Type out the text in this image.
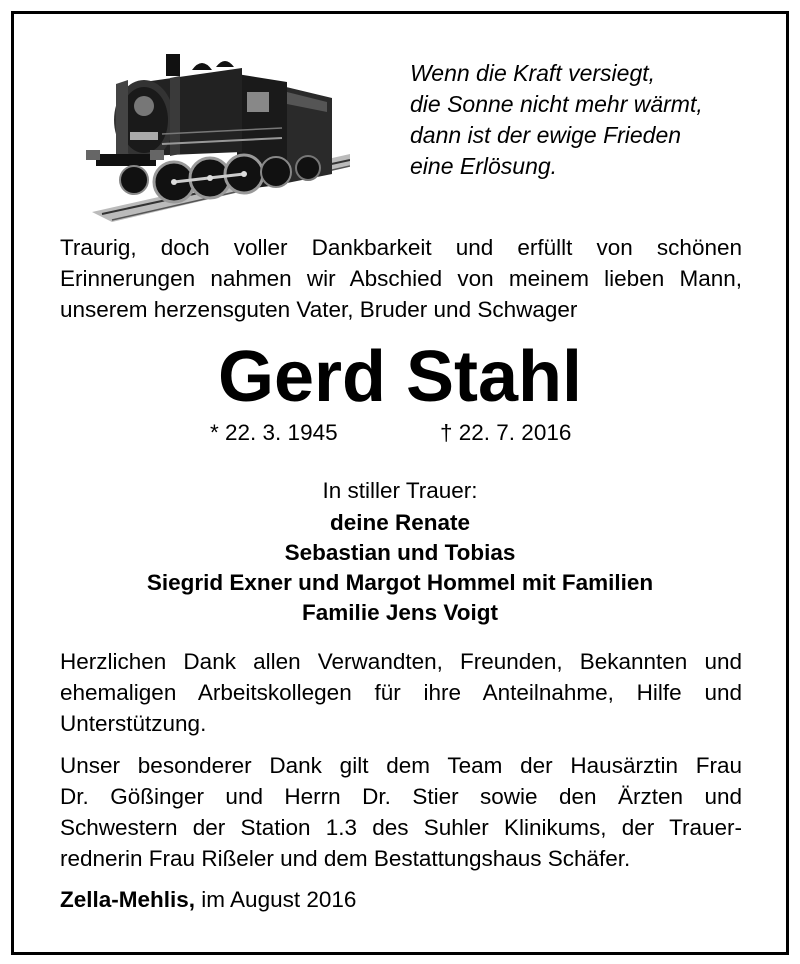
Wenn die Kraft versiegt,
die Sonne nicht mehr wärmt,
dann ist der ewige Frieden
eine Erlösung.
Traurig, doch voller Dankbarkeit und erfüllt von schönen
Erinnerungen nahmen wir Abschied von meinem lieben Mann,
unserem herzensguten Vater, Bruder und Schwager
Gerd Stahl
* 22. 3. 1945	† 22. 7. 2016
In stiller Trauer:
deine Renate
Sebastian und Tobias
Siegrid Exner und Margot Hommel mit Familien
Familie Jens Voigt
Herzlichen Dank allen Verwandten, Freunden, Bekannten und
ehemaligen Arbeitskollegen für ihre Anteilnahme, Hilfe und
Unterstützung.
Unser besonderer Dank gilt dem Team der Hausärztin Frau
Dr. Gößinger und Herrn Dr. Stier sowie den Ärzten und
Schwestern der Station 1.3 des Suhler Klinikums, der Trauer-
rednerin Frau Rißeler und dem Bestattungshaus Schäfer.
Zella-Mehlis, im August 2016
